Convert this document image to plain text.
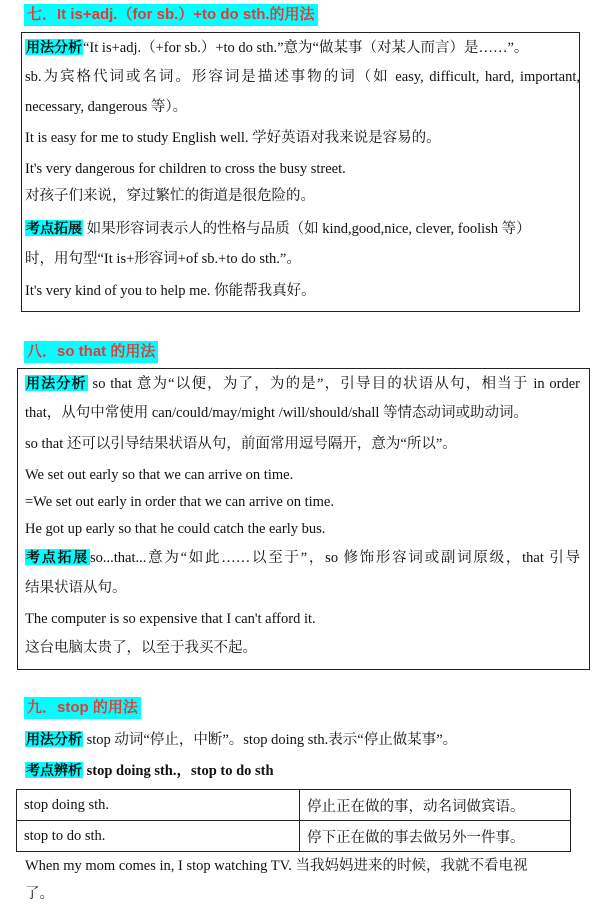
七．It is+adj.（for sb.）+to do sth.的用法
用法分析“It is+adj.（+for sb.）+to do sth.”意为“做某事（对某人而言）是……”。
sb.为宾格代词或名词。形容词是描述事物的词（如 easy, difficult, hard, important,
necessary, dangerous 等）。
It is easy for me to study English well. 学好英语对我来说是容易的。
It's very dangerous for children to cross the busy street.
对孩子们来说，穿过繁忙的街道是很危险的。
考点拓展 如果形容词表示人的性格与品质（如 kind,good,nice, clever, foolish 等）
时，用句型“It is+形容词+of sb.+to do sth.”。
It's very kind of you to help me. 你能帮我真好。
八．so that 的用法
用法分析 so that 意为“以便，为了，为的是”，引导目的状语从句，相当于 in order
that，从句中常使用 can/could/may/might /will/should/shall 等情态动词或助动词。
so that 还可以引导结果状语从句，前面常用逗号隔开，意为“所以”。
We set out early so that we can arrive on time.
=We set out early in order that we can arrive on time.
He got up early so that he could catch the early bus.
考点拓展so...that...意为“如此……以至于”，so 修饰形容词或副词原级，that 引导
结果状语从句。
The computer is so expensive that I can't afford it.
这台电脑太贵了，以至于我买不起。
九．stop 的用法
用法分析 stop 动词“停止，中断”。stop doing sth.表示“停止做某事”。
考点辨析 stop doing sth.，stop to do sth
stop doing sth.	停止正在做的事，动名词做宾语。
stop to do sth.	停下正在做的事去做另外一件事。
When my mom comes in, I stop watching TV. 当我妈妈进来的时候，我就不看电视
了。
